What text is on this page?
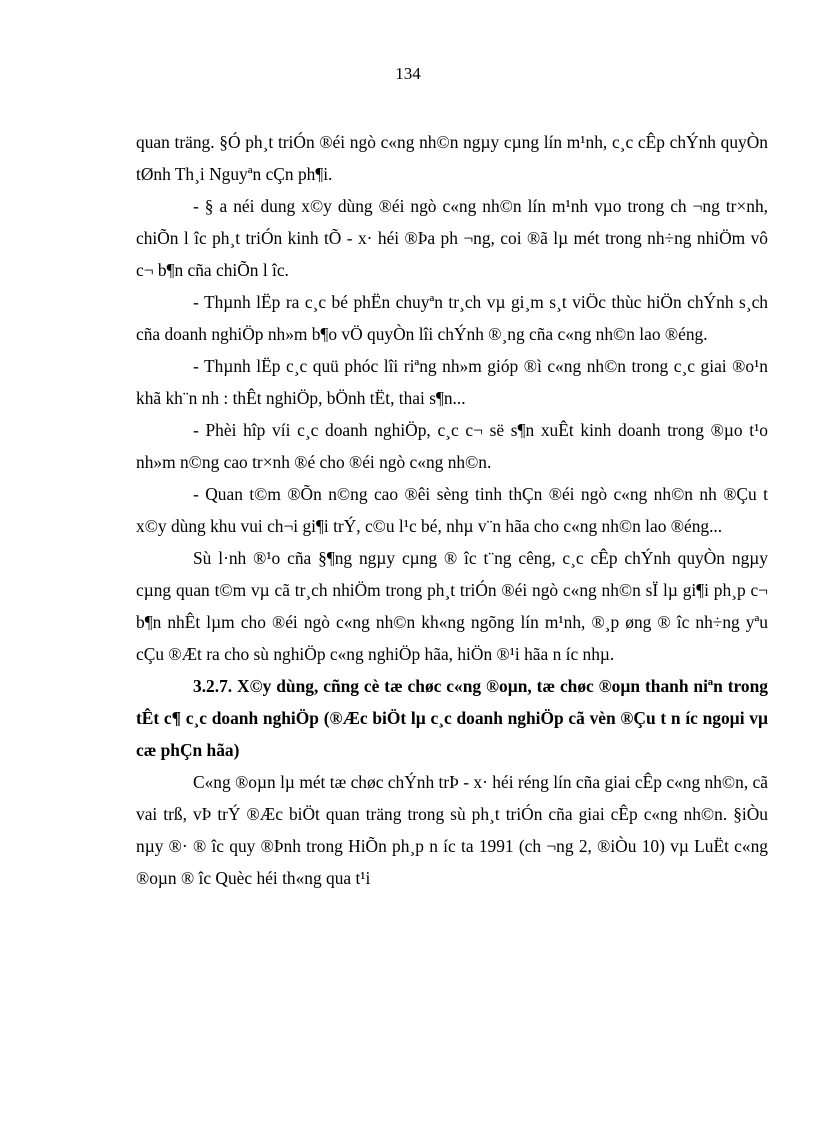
134

quan träng. §Ó ph¸t triÓn ®éi ngò c«ng nh©n ngµy cµng lín m¹nh, c¸c cÊp chÝnh quyÒn tØnh Th¸i Nguyªn cÇn ph¶i.

- § a néi dung x©y dùng ®éi ngò c«ng nh©n lín m¹nh vµo trong ch ¬ng tr×nh, chiÕn l îc ph¸t triÓn kinh tÕ - x· héi ®Þa ph ¬ng, coi ®ã lµ mét trong nh÷ng nhiÖm vô c¬ b¶n cña chiÕn l îc.

- Thµnh lËp ra c¸c bé phËn chuyªn tr¸ch vµ gi¸m s¸t viÖc thùc hiÖn chÝnh s¸ch cña doanh nghiÖp nh»m b¶o vÖ quyÒn lîi chÝnh ®¸ng cña c«ng nh©n lao ®éng.

- Thµnh lËp c¸c quü phóc lîi riªng nh»m gióp ®ì c«ng nh©n trong c¸c giai ®o¹n khã kh¨n nh : thÊt nghiÖp, bÖnh tËt, thai s¶n...

- Phèi hîp víi c¸c doanh nghiÖp, c¸c c¬ së s¶n xuÊt kinh doanh trong ®µo t¹o nh»m n©ng cao tr×nh ®é cho ®éi ngò c«ng nh©n.

- Quan t©m ®Õn n©ng cao ®êi sèng tinh thÇn ®éi ngò c«ng nh©n nh ®Çu t x©y dùng khu vui ch¬i gi¶i trÝ, c©u l¹c bé, nhµ v¨n hãa cho c«ng nh©n lao ®éng...

Sù l·nh ®¹o cña §¶ng ngµy cµng ® îc t¨ng cêng, c¸c cÊp chÝnh quyÒn ngµy cµng quan t©m vµ cã tr¸ch nhiÖm trong ph¸t triÓn ®éi ngò c«ng nh©n sÏ lµ gi¶i ph¸p c¬ b¶n nhÊt lµm cho ®éi ngò c«ng nh©n kh«ng ngõng lín m¹nh, ®¸p øng ® îc nh÷ng yªu cÇu ®Æt ra cho sù nghiÖp c«ng nghiÖp hãa, hiÖn ®¹i hãa n íc nhµ.

3.2.7. X©y dùng, cñng cè tæ chøc c«ng ®oµn, tæ chøc ®oµn thanh niªn trong tÊt c¶ c¸c doanh nghiÖp (®Æc biÖt lµ c¸c doanh nghiÖp cã vèn ®Çu t n íc ngoµi vµ cæ phÇn hãa)

C«ng ®oµn lµ mét tæ chøc chÝnh trÞ - x· héi réng lín cña giai cÊp c«ng nh©n, cã vai trß, vÞ trÝ ®Æc biÖt quan träng trong sù ph¸t triÓn cña giai cÊp c«ng nh©n. §iÒu nµy ®· ® îc quy ®Þnh trong HiÕn ph¸p n íc ta 1991 (ch ¬ng 2, ®iÒu 10) vµ LuËt c«ng ®oµn ® îc Quèc héi th«ng qua t¹i
